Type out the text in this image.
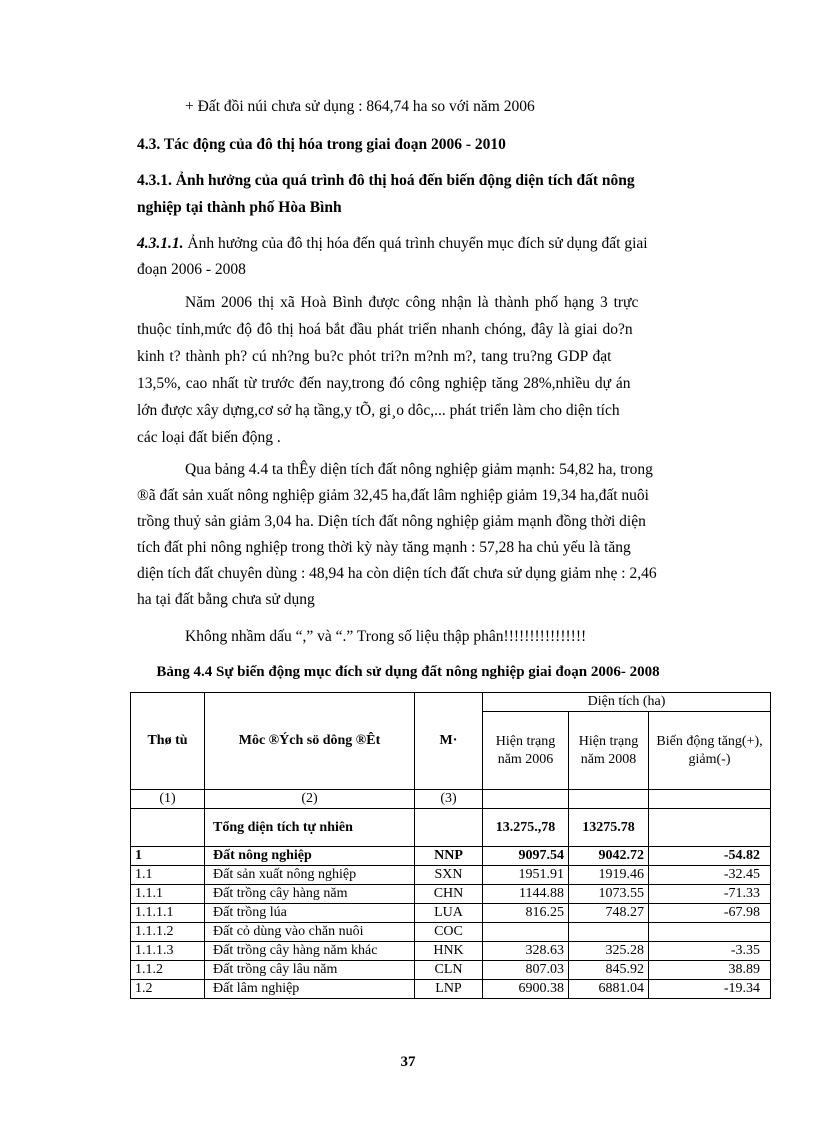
+ Đất đồi núi chưa sử dụng : 864,74 ha so với năm 2006
4.3. Tác động của đô thị hóa trong giai đoạn 2006 - 2010
4.3.1. Ảnh hưởng của quá trình đô thị hoá đến biến động diện tích đất nông
nghiệp tại thành phố Hòa Bình
4.3.1.1. Ảnh hưởng của đô thị hóa đến quá trình chuyển mục đích sử dụng đất giai
đoạn 2006 - 2008
Năm 2006 thị xã Hoà Bình được công nhận là thành phố hạng 3 trực
thuộc tỉnh,mức độ đô thị hoá bắt đầu phát triển nhanh chóng, đây là giai do?n
kinh t? thành ph? cú nh?ng bu?c phỏt tri?n m?nh m?, tang tru?ng GDP đạt
13,5%, cao nhất từ trước đến nay,trong đó công nghiệp tăng 28%,nhiều dự án
lớn được xây dựng,cơ sở hạ tầng,y tÕ, gi¸o dôc,... phát triển làm cho diện tích
các loại đất biến động .
Qua bảng 4.4 ta thÊy diện tích đất nông nghiệp giảm mạnh: 54,82 ha, trong
®ã đất sản xuất nông nghiệp giảm 32,45 ha,đất lâm nghiệp giảm 19,34 ha,đất nuôi
trồng thuỷ sản giảm 3,04 ha. Diện tích đất nông nghiệp giảm mạnh đồng thời diện
tích đất phi nông nghiệp trong thời kỳ này tăng mạnh : 57,28 ha chủ yếu là tăng
diện tích đất chuyên dùng : 48,94 ha còn diện tích đất chưa sử dụng giảm nhẹ : 2,46
ha tại đất bằng chưa sử dụng
Không nhầm dấu “,” và “.” Trong số liệu thập phân!!!!!!!!!!!!!!!!
Bảng 4.4 Sự biến động mục đích sử dụng đất nông nghiệp giai đoạn 2006- 2008
Thø tù	Môc ®Ých sö dông ®Êt	M·	Diện tích (ha)		
			Hiện trạng năm 2006	Hiện trạng năm 2008	Biến động tăng(+), giảm(-)
(1)	(2)	(3)			
	Tổng diện tích tự nhiên		13.275.,78	13275.78	
1	Đất nông nghiệp	NNP	9097.54	9042.72	-54.82
1.1	Đất sản xuất nông nghiệp	SXN	1951.91	1919.46	-32.45
1.1.1	Đất trồng cây hàng năm	CHN	1144.88	1073.55	-71.33
1.1.1.1	Đất trồng lúa	LUA	816.25	748.27	-67.98
1.1.1.2	Đất cỏ dùng vào chăn nuôi	COC			
1.1.1.3	Đất trồng cây hàng năm khác	HNK	328.63	325.28	-3.35
1.1.2	Đất trồng cây lâu năm	CLN	807.03	845.92	38.89
1.2	Đất lâm nghiệp	LNP	6900.38	6881.04	-19.34
37
